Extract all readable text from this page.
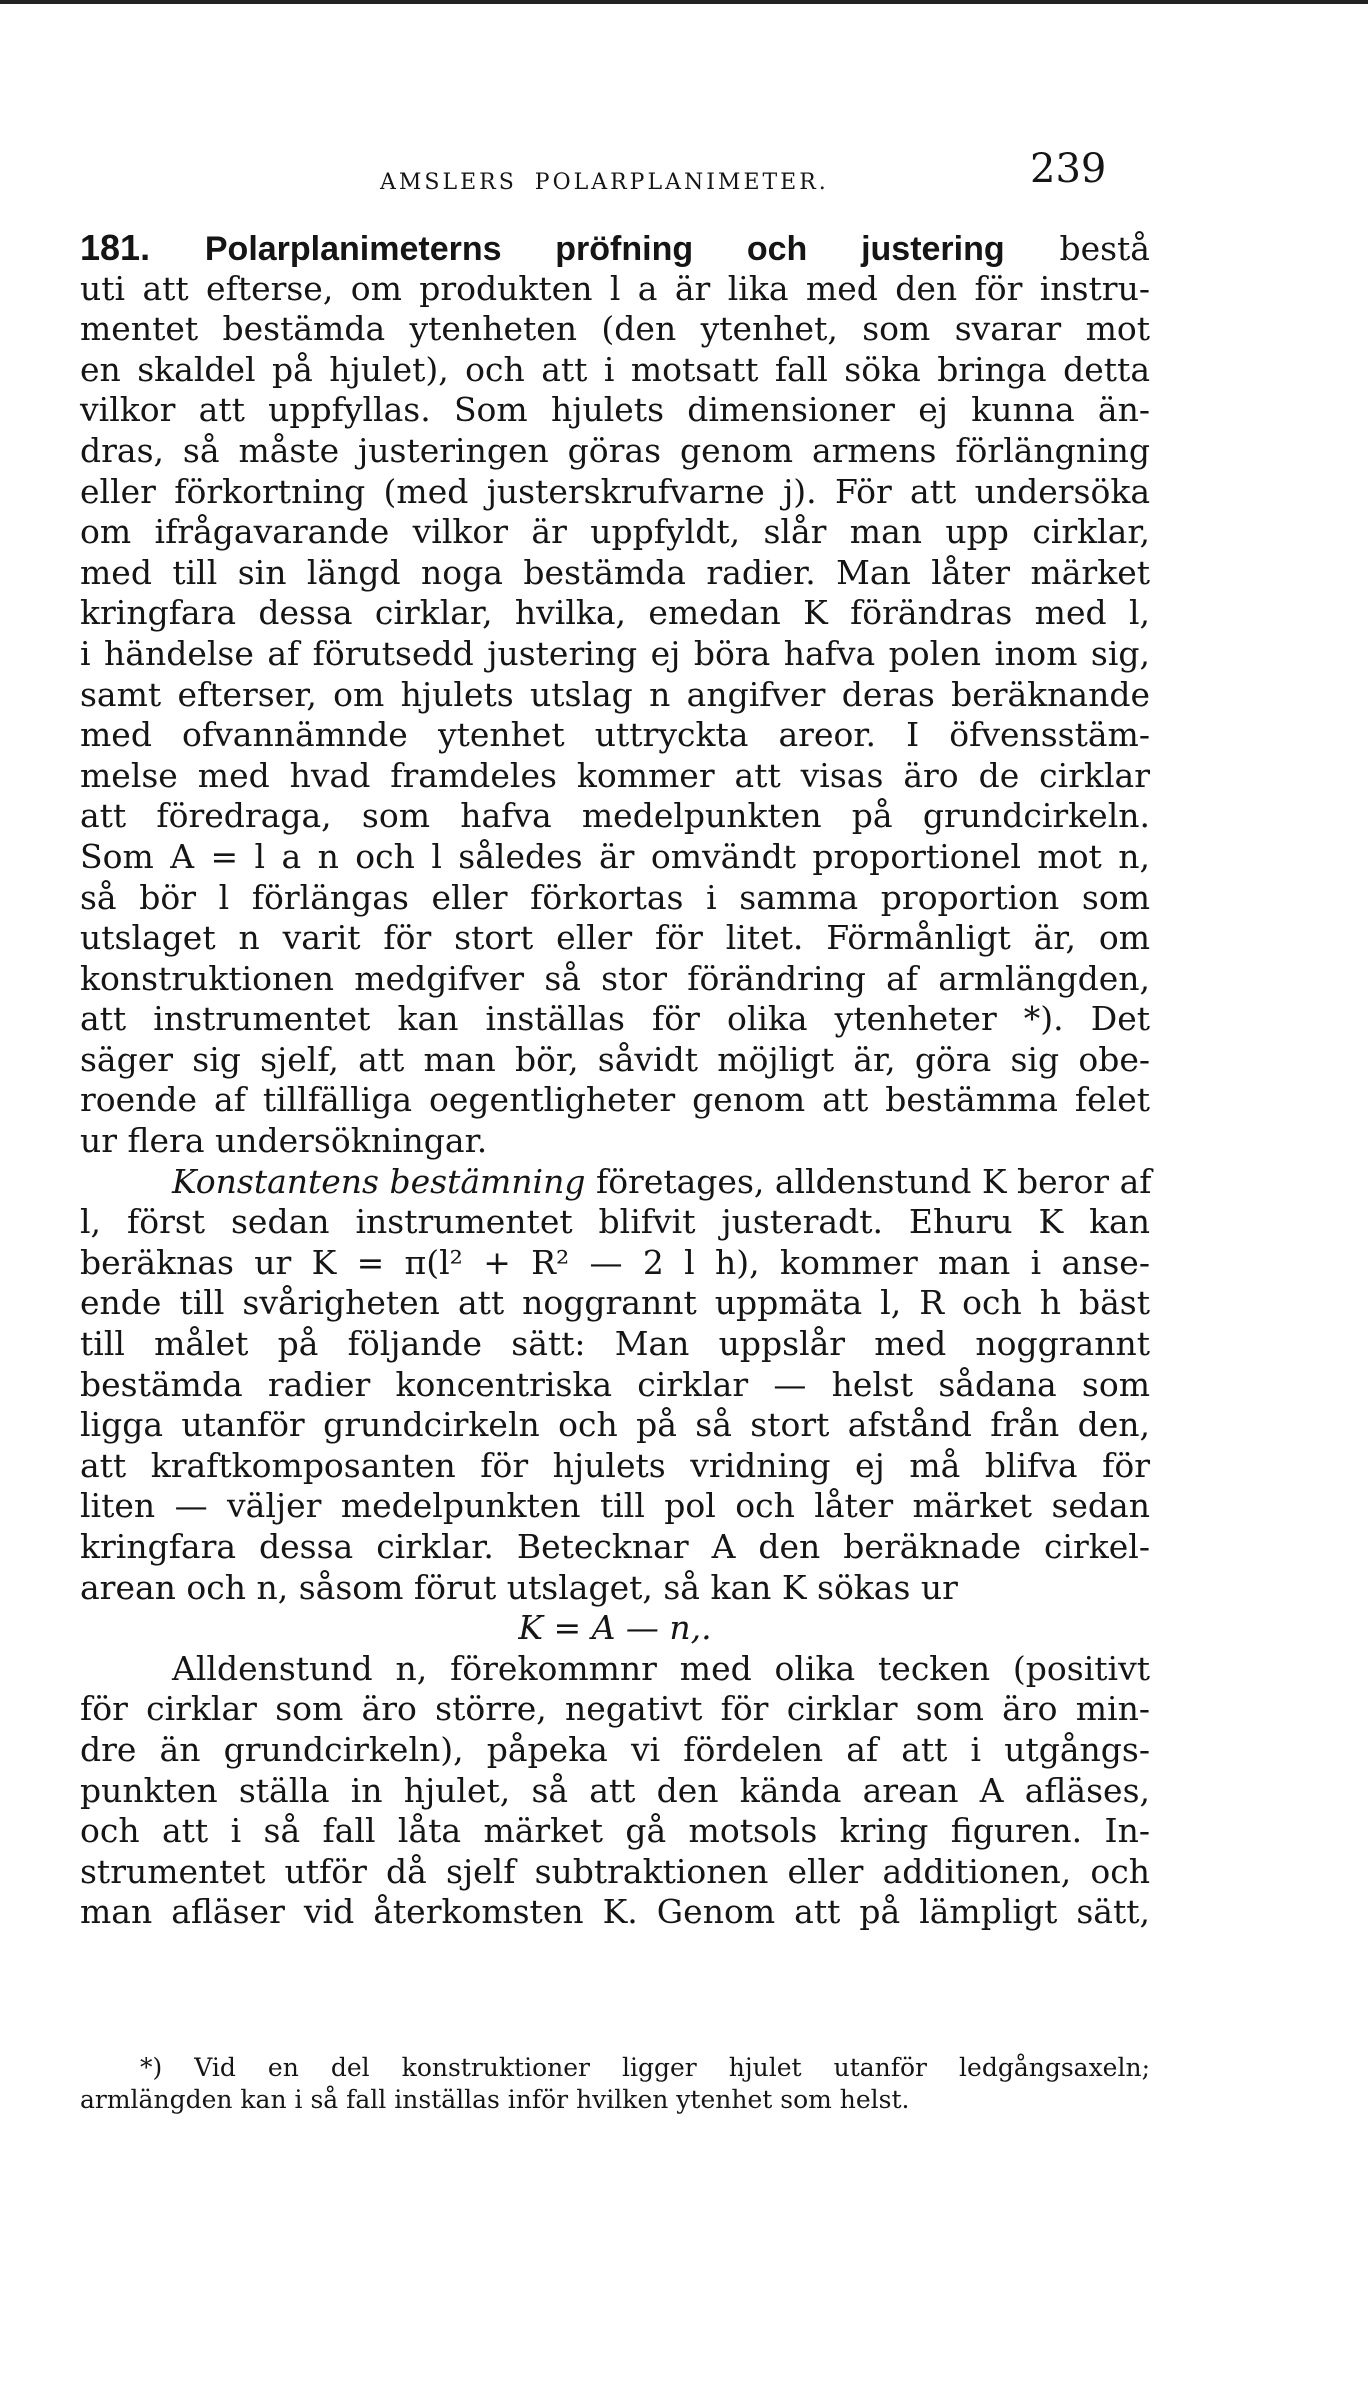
AMSLERS POLARPLANIMETER.	239
181. Polarplanimeterns pröfning och justering bestå
uti att efterse, om produkten l a är lika med den för instru-
mentet bestämda ytenheten (den ytenhet, som svarar mot
en skaldel på hjulet), och att i motsatt fall söka bringa detta
vilkor att uppfyllas. Som hjulets dimensioner ej kunna än-
dras, så måste justeringen göras genom armens förlängning
eller förkortning (med justerskrufvarne j). För att undersöka
om ifrågavarande vilkor är uppfyldt, slår man upp cirklar,
med till sin längd noga bestämda radier. Man låter märket
kringfara dessa cirklar, hvilka, emedan K förändras med l,
i händelse af förutsedd justering ej böra hafva polen inom sig,
samt efterser, om hjulets utslag n angifver deras beräknande
med ofvannämnde ytenhet uttryckta areor. I öfvensstäm-
melse med hvad framdeles kommer att visas äro de cirklar
att föredraga, som hafva medelpunkten på grundcirkeln.
Som A = l a n och l således är omvändt proportionel mot n,
så bör l förlängas eller förkortas i samma proportion som
utslaget n varit för stort eller för litet. Förmånligt är, om
konstruktionen medgifver så stor förändring af armlängden,
att instrumentet kan inställas för olika ytenheter *). Det
säger sig sjelf, att man bör, såvidt möjligt är, göra sig obe-
roende af tillfälliga oegentligheter genom att bestämma felet
ur flera undersökningar.
Konstantens bestämning företages, alldenstund K beror af
l, först sedan instrumentet blifvit justeradt. Ehuru K kan
beräknas ur K = π(l² + R² — 2 l h), kommer man i anse-
ende till svårigheten att noggrannt uppmäta l, R och h bäst
till målet på följande sätt: Man uppslår med noggrannt
bestämda radier koncentriska cirklar — helst sådana som
ligga utanför grundcirkeln och på så stort afstånd från den,
att kraftkomposanten för hjulets vridning ej må blifva för
liten — väljer medelpunkten till pol och låter märket sedan
kringfara dessa cirklar. Betecknar A den beräknade cirkel-
arean och n, såsom förut utslaget, så kan K sökas ur
K = A — n,.
Alldenstund n, förekommnr med olika tecken (positivt
för cirklar som äro större, negativt för cirklar som äro min-
dre än grundcirkeln), påpeka vi fördelen af att i utgångs-
punkten ställa in hjulet, så att den kända arean A afläses,
och att i så fall låta märket gå motsols kring figuren. In-
strumentet utför då sjelf subtraktionen eller additionen, och
man afläser vid återkomsten K. Genom att på lämpligt sätt,
*) Vid en del konstruktioner ligger hjulet utanför ledgångsaxeln;
armlängden kan i så fall inställas inför hvilken ytenhet som helst.
